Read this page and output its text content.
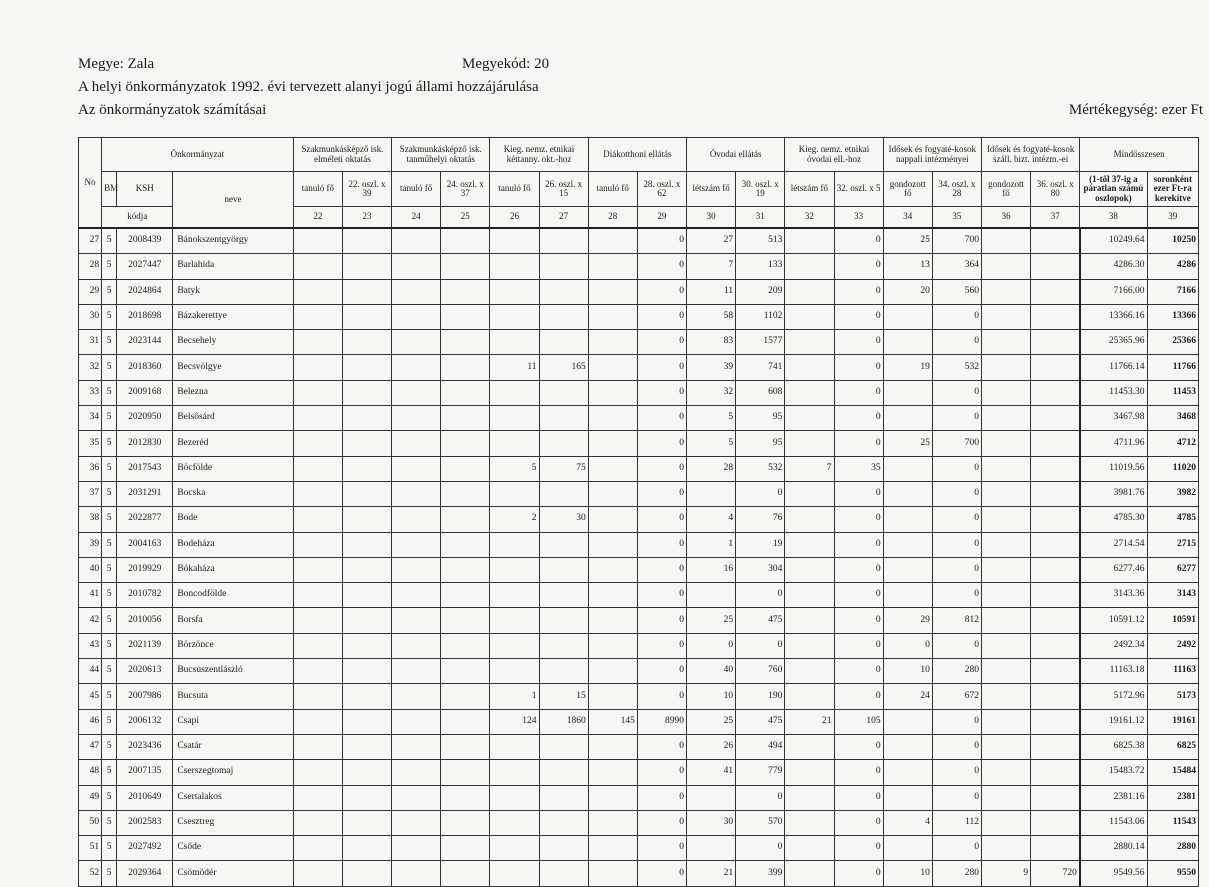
Megye: Zala	Megyekód: 20
A helyi önkormányzatok 1992. évi tervezett alanyi jogú állami hozzájárulása
Az önkormányzatok számításai	Mértékegység: ezer Ft
No	Önkormányzat			Szakmunkásképző isk. elméleti oktatás		Szakmunkásképző isk. tanműhelyi oktatás		Kieg. nemz. etnikai kéttanny. okt.-hoz		Diákotthoni ellátás		Óvodai ellátás		Kieg. nemz. etnikai óvodai ell.-hoz		Idősek és fogyaté-kosok nappali intézményei		Idősek és fogyaté-kosok száll. bizt. intézm.-ei		Mindösszesen	
	BM	KSH	neve	tanuló fő	22. oszl. x 39	tanuló fő	24. oszl. x 37	tanuló fő	26. oszl. x 15	tanuló fő	28. oszl. x 62	létszám fő	30. oszl. x 19	létszám fő	32. oszl. x 5	gondozott fő	34. oszl. x 28	gondozott fő	36. oszl. x 80	(1-től 37-ig a páratlan számú oszlopok)	soronként ezer Ft-ra kerekítve
	kódja			22	23	24	25	26	27	28	29	30	31	32	33	34	35	36	37	38	39
27	5	2008439	Bánokszentgyörgy								0	27	513		0	25	700			10249.64	10250
28	5	2027447	Barlahida								0	7	133		0	13	364			4286.30	4286
29	5	2024864	Batyk								0	11	209		0	20	560			7166.00	7166
30	5	2018698	Bázakerettye								0	58	1102		0		0			13366.16	13366
31	5	2023144	Becsehely								0	83	1577		0		0			25365.96	25366
32	5	2018360	Becsvölgye					11	165		0	39	741		0	19	532			11766.14	11766
33	5	2009168	Belezna								0	32	608		0		0			11453.30	11453
34	5	2020950	Belsősárd								0	5	95		0		0			3467.98	3468
35	5	2012830	Bezeréd								0	5	95		0	25	700			4711.96	4712
36	5	2017543	Böcfölde					5	75		0	28	532	7	35		0			11019.56	11020
37	5	2031291	Bocska								0		0		0		0			3981.76	3982
38	5	2022877	Bode					2	30		0	4	76		0		0			4785.30	4785
39	5	2004163	Bodeháza								0	1	19		0		0			2714.54	2715
40	5	2019929	Bókaháza								0	16	304		0		0			6277.46	6277
41	5	2010782	Boncodfölde								0		0		0		0			3143.36	3143
42	5	2010056	Borsfa								0	25	475		0	29	812			10591.12	10591
43	5	2021139	Börzönce								0	0	0		0	0	0			2492.34	2492
44	5	2020613	Bucsuszentlászló								0	40	760		0	10	280			11163.18	11163
45	5	2007986	Bucsuta					1	15		0	10	190		0	24	672			5172.96	5173
46	5	2006132	Csapi					124	1860	145	8990	25	475	21	105		0			19161.12	19161
47	5	2023436	Csatár								0	26	494		0		0			6825.38	6825
48	5	2007135	Cserszegtomaj								0	41	779		0		0			15483.72	15484
49	5	2010649	Csertalakos								0		0		0		0			2381.16	2381
50	5	2002583	Csesztreg								0	30	570		0	4	112			11543.06	11543
51	5	2027492	Csőde								0		0		0		0			2880.14	2880
52	5	2029364	Csömödér								0	21	399		0	10	280	9	720	9549.56	9550
